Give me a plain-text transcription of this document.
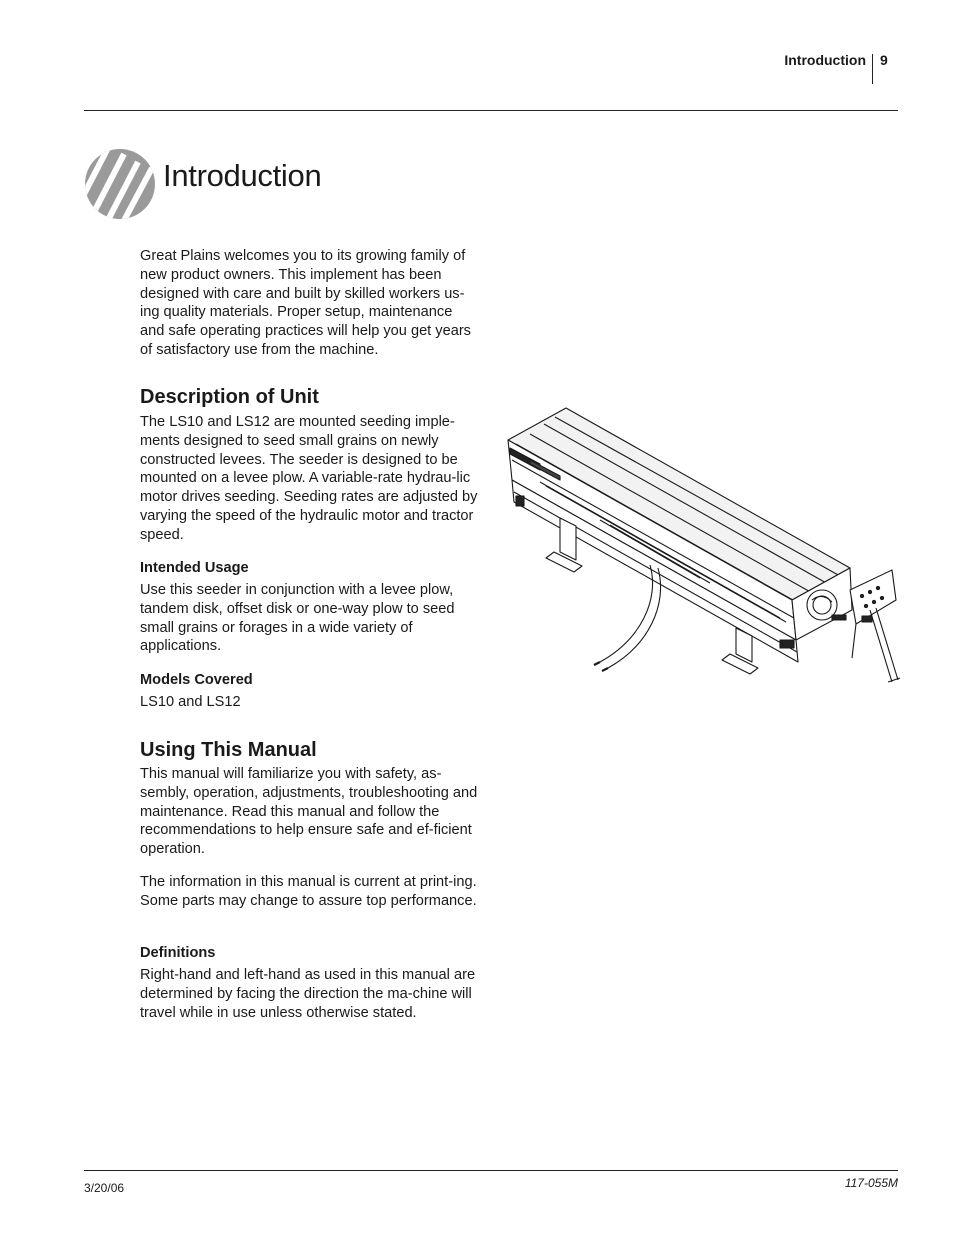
Introduction 9
Introduction

Great Plains welcomes you to its growing family of new product owners. This implement has been designed with care and built by skilled workers us-ing quality materials. Proper setup, maintenance and safe operating practices will help you get years of satisfactory use from the machine.

Description of Unit

The LS10 and LS12 are mounted seeding imple-ments designed to seed small grains on newly constructed levees. The seeder is designed to be mounted on a levee plow. A variable-rate hydrau-lic motor drives seeding. Seeding rates are adjusted by varying the speed of the hydraulic motor and tractor speed.

Intended Usage

Use this seeder in conjunction with a levee plow, tandem disk, offset disk or one-way plow to seed small grains or forages in a wide variety of applications.

Models Covered

LS10 and LS12

Using This Manual

This manual will familiarize you with safety, as-sembly, operation, adjustments, troubleshooting and maintenance. Read this manual and follow the recommendations to help ensure safe and ef-ficient operation.

The information in this manual is current at print-ing. Some parts may change to assure top performance.

Definitions

Right-hand and left-hand as used in this manual are determined by facing the direction the ma-chine will travel while in use unless otherwise stated.

3/20/06	117-055M
